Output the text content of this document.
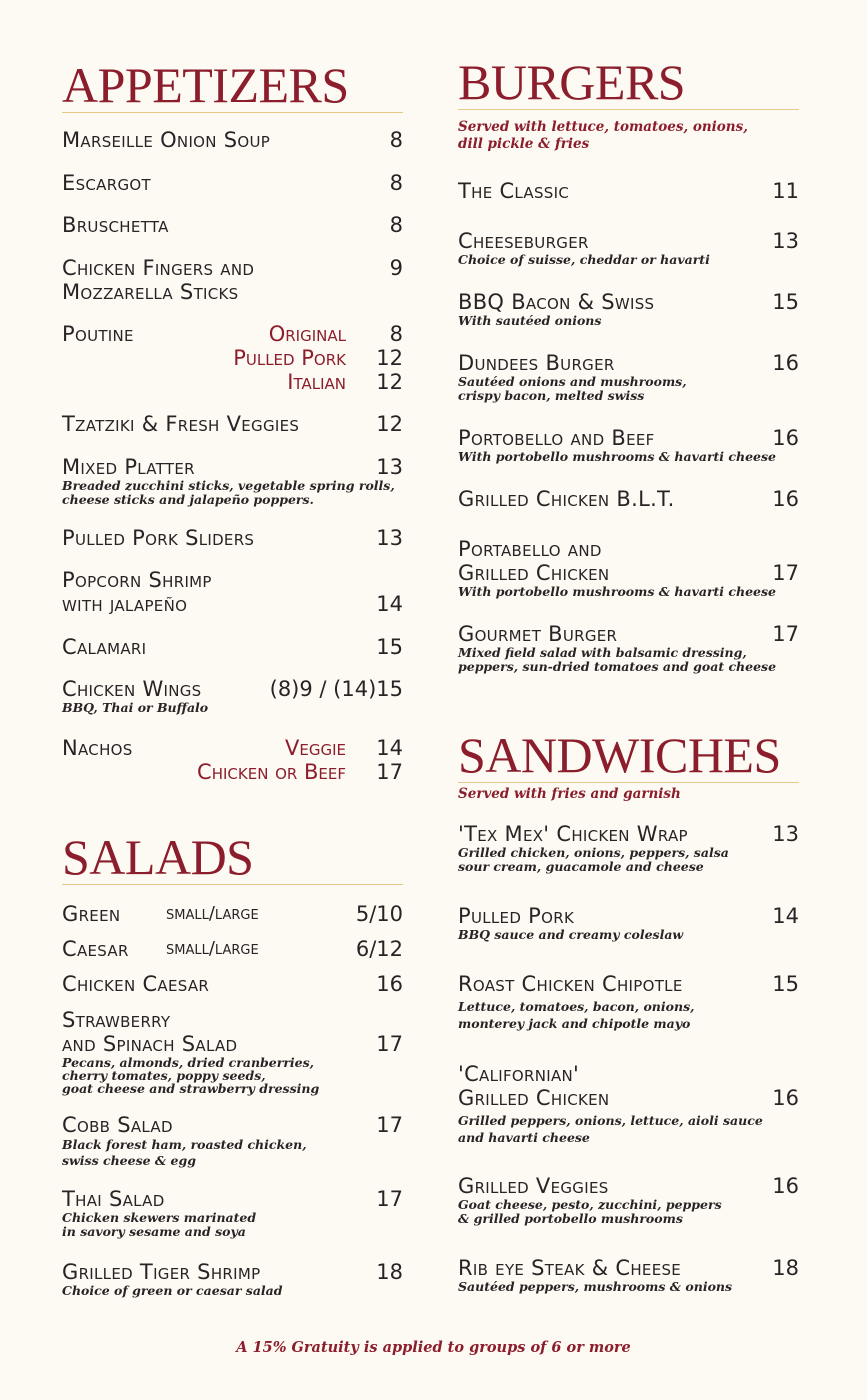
APPETIZERS
Marseille Onion Soup	8
Escargot	8
Bruschetta	8
Chicken Fingers and
Mozzarella Sticks
9
Poutine	Original 8
Pulled Pork 12
Italian 12
Tzatziki & Fresh Veggies	12
Mixed Platter	13
Breaded zucchini sticks, vegetable spring rolls,
cheese sticks and jalapeño poppers.
Pulled Pork Sliders	13
Popcorn Shrimp
with jalapeño	14
Calamari	15
Chicken Wings	(8)9 / (14)15
BBQ, Thai or Buffalo
Nachos	Veggie 14
Chicken or Beef 17
SALADS
Green	small/large	5/10
Caesar	small/large	6/12
Chicken Caesar	16
Strawberry
and Spinach Salad	17
Pecans, almonds, dried cranberries,
cherry tomates, poppy seeds,
goat cheese and strawberry dressing
Cobb Salad	17
Black forest ham, roasted chicken,
swiss cheese & egg
Thai Salad	17
Chicken skewers marinated
in savory sesame and soya
Grilled Tiger Shrimp	18
Choice of green or caesar salad
BURGERS
Served with lettuce, tomatoes, onions,
dill pickle & fries
The Classic	11
Cheeseburger	13
Choice of suisse, cheddar or havarti
BBQ Bacon & Swiss	15
With sautéed onions
Dundees Burger	16
Sautéed onions and mushrooms,
crispy bacon, melted swiss
Portobello and Beef	16
With portobello mushrooms & havarti cheese
Grilled Chicken B.L.T.	16
Portabello and
Grilled Chicken	17
With portobello mushrooms & havarti cheese
Gourmet Burger	17
Mixed field salad with balsamic dressing,
peppers, sun-dried tomatoes and goat cheese
SANDWICHES
Served with fries and garnish
'Tex Mex' Chicken Wrap	13
Grilled chicken, onions, peppers, salsa
sour cream, guacamole and cheese
Pulled Pork	14
BBQ sauce and creamy coleslaw
Roast Chicken Chipotle	15
Lettuce, tomatoes, bacon, onions,
monterey jack and chipotle mayo
'Californian'
Grilled Chicken	16
Grilled peppers, onions, lettuce, aioli sauce
and havarti cheese
Grilled Veggies	16
Goat cheese, pesto, zucchini, peppers
& grilled portobello mushrooms
Rib eye Steak & Cheese	18
Sautéed peppers, mushrooms & onions
A 15% Gratuity is applied to groups of 6 or more
